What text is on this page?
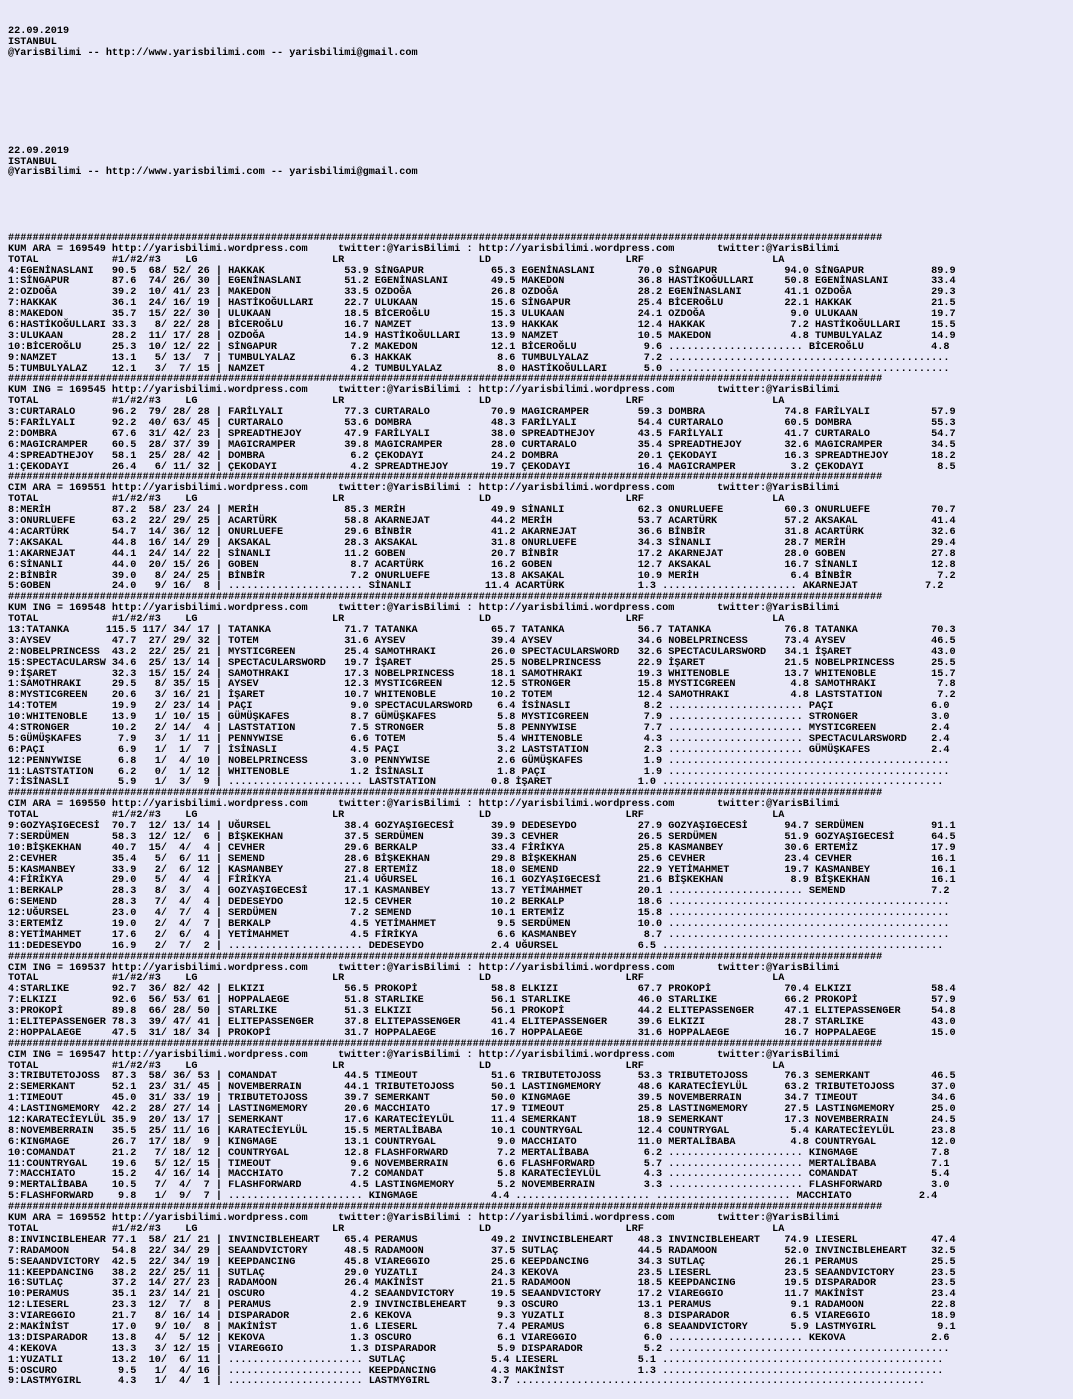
22.09.2019
ISTANBUL
@YarisBilimi -- http://www.yarisbilimi.com -- yarisbilimi@gmail.com

22.09.2019
ISTANBUL
@YarisBilimi -- http://www.yarisbilimi.com -- yarisbilimi@gmail.com

###############################################################################################################################################
KUM ARA = 169549 http://yarisbilimi.wordpress.com     twitter:@YarisBilimi : http://yarisbilimi.wordpress.com       twitter:@YarisBilimi
TOTAL            #1/#2/#3    LG                      LR                      LD                      LRF                     LA
4:EGENİNASLANI   90.5  68/ 52/ 26 | HAKKAK             53.9 SİNGAPUR           65.3 EGENİNASLANI       70.0 SİNGAPUR           94.0 SİNGAPUR           89.9
1:SİNGAPUR       87.6  74/ 26/ 30 | EGENİNASLANI       51.2 EGENİNASLANI       49.5 MAKEDON            36.8 HASTİKOĞULLARI     50.8 EGENİNASLANI       33.4
2:OZDOĞA         39.2  10/ 41/ 23 | MAKEDON            33.5 OZDOĞA             26.8 OZDOĞA             28.2 EGENİNASLANI       41.1 OZDOĞA             29.3
7:HAKKAK         36.1  24/ 16/ 19 | HASTİKOĞULLARI     22.7 ULUKAAN            15.6 SİNGAPUR           25.4 BİCEROĞLU          22.1 HAKKAK             21.5
8:MAKEDON        35.7  15/ 22/ 30 | ULUKAAN            18.5 BİCEROĞLU          15.3 ULUKAAN            24.1 OZDOĞA              9.0 ULUKAAN            19.7
6:HASTİKOĞULLARI 33.3   8/ 22/ 28 | BİCEROĞLU          16.7 NAMZET             13.9 HAKKAK             12.4 HAKKAK              7.2 HASTİKOĞULLARI     15.5
3:ULUKAAN        28.2  11/ 17/ 28 | OZDOĞA             14.9 HASTİKOĞULLARI     13.9 NAMZET             10.5 MAKEDON             4.8 TUMBULYALAZ        14.9
10:BİCEROĞLU     25.3  10/ 12/ 22 | SİNGAPUR            7.2 MAKEDON            12.1 BİCEROĞLU           9.6 ...................... BİCEROĞLU           4.8
9:NAMZET         13.1   5/ 13/  7 | TUMBULYALAZ         6.3 HAKKAK              8.6 TUMBULYALAZ         7.2 ..............................................
5:TUMBULYALAZ    12.1   3/  7/ 15 | NAMZET              4.2 TUMBULYALAZ         8.0 HASTİKOĞULLARI      5.0 ..............................................
###############################################################################################################################################
KUM ING = 169545 http://yarisbilimi.wordpress.com     twitter:@YarisBilimi : http://yarisbilimi.wordpress.com       twitter:@YarisBilimi
TOTAL            #1/#2/#3    LG                      LR                      LD                      LRF                     LA
3:CURTARALO      96.2  79/ 28/ 28 | FARİLYALI          77.3 CURTARALO          70.9 MAGICRAMPER        59.3 DOMBRA             74.8 FARİLYALI          57.9
5:FARİLYALI      92.2  40/ 63/ 45 | CURTARALO          53.6 DOMBRA             48.3 FARİLYALI          54.4 CURTARALO          60.5 DOMBRA             55.3
2:DOMBRA         67.6  31/ 42/ 23 | SPREADTHEJOY       47.9 FARİLYALI          38.0 SPREADTHEJOY       43.5 FARİLYALI          41.7 CURTARALO          54.7
6:MAGICRAMPER    60.5  28/ 37/ 39 | MAGICRAMPER        39.8 MAGICRAMPER        28.0 CURTARALO          35.4 SPREADTHEJOY       32.6 MAGICRAMPER        34.5
4:SPREADTHEJOY   58.1  25/ 28/ 42 | DOMBRA              6.2 ÇEKODAYI           24.2 DOMBRA             20.1 ÇEKODAYI           16.3 SPREADTHEJOY       18.2
1:ÇEKODAYI       26.4   6/ 11/ 32 | ÇEKODAYI            4.2 SPREADTHEJOY       19.7 ÇEKODAYI           16.4 MAGICRAMPER         3.2 ÇEKODAYI            8.5
###############################################################################################################################################
CIM ARA = 169551 http://yarisbilimi.wordpress.com     twitter:@YarisBilimi : http://yarisbilimi.wordpress.com       twitter:@YarisBilimi
TOTAL            #1/#2/#3    LG                      LR                      LD                      LRF                     LA
8:MERİH          87.2  58/ 23/ 24 | MERİH              85.3 MERİH              49.9 SİNANLI            62.3 ONURLUEFE          60.3 ONURLUEFE          70.7
3:ONURLUEFE      63.2  22/ 29/ 25 | ACARTÜRK           58.8 AKARNEJAT          44.2 MERİH              53.7 ACARTÜRK           57.2 AKSAKAL            41.4
4:ACARTÜRK       54.7  14/ 36/ 12 | ONURLUEFE          29.6 BİNBİR             41.2 AKARNEJAT          36.6 BİNBİR             31.8 ACARTÜRK           32.6
7:AKSAKAL        44.8  16/ 14/ 29 | AKSAKAL            28.3 AKSAKAL            31.8 ONURLUEFE          34.3 SİNANLI            28.7 MERİH              29.4
1:AKARNEJAT      44.1  24/ 14/ 22 | SİNANLI            11.2 GOBEN              20.7 BİNBİR             17.2 AKARNEJAT          28.0 GOBEN              27.8
6:SİNANLI        44.0  20/ 15/ 26 | GOBEN               8.7 ACARTÜRK           16.2 GOBEN              12.7 AKSAKAL            16.7 SİNANLI            12.8
2:BİNBİR         39.0   8/ 24/ 25 | BİNBİR              7.2 ONURLUEFE          13.8 AKSAKAL            10.9 MERİH               6.4 BİNBİR              7.2
5:GOBEN          24.0   9/ 16/  8 | ...................... SİNANLI            11.4 ACARTÜRK            1.3 ...................... AKARNEJAT           7.2
###############################################################################################################################################
KUM ING = 169548 http://yarisbilimi.wordpress.com     twitter:@YarisBilimi : http://yarisbilimi.wordpress.com       twitter:@YarisBilimi
TOTAL            #1/#2/#3    LG                      LR                      LD                      LRF                     LA
13:TATANKA      115.5 117/ 34/ 17 | TATANKA            71.7 TATANKA            65.7 TATANKA            56.7 TATANKA            76.8 TATANKA            70.3
3:AYSEV          47.7  27/ 29/ 32 | TOTEM              31.6 AYSEV              39.4 AYSEV              34.6 NOBELPRINCESS      73.4 AYSEV              46.5
2:NOBELPRINCESS  43.2  22/ 25/ 21 | MYSTICGREEN        25.4 SAMOTHRAKI         26.0 SPECTACULARSWORD   32.6 SPECTACULARSWORD   34.1 İŞARET             43.0
15:SPECTACULARSW 34.6  25/ 13/ 14 | SPECTACULARSWORD   19.7 İŞARET             25.5 NOBELPRINCESS      22.9 İŞARET             21.5 NOBELPRINCESS      25.5
9:İŞARET         32.3  15/ 15/ 24 | SAMOTHRAKI         17.3 NOBELPRINCESS      18.1 SAMOTHRAKI         19.3 WHITENOBLE         13.7 WHITENOBLE         15.7
1:SAMOTHRAKI     29.5   8/ 35/ 15 | AYSEV              12.3 MYSTICGREEN        12.5 STRONGER           15.8 MYSTICGREEN         4.8 SAMOTHRAKI          7.8
8:MYSTICGREEN    20.6   3/ 16/ 21 | İŞARET             10.7 WHITENOBLE         10.2 TOTEM              12.4 SAMOTHRAKI          4.8 LASTSTATION         7.2
14:TOTEM         19.9   2/ 23/ 14 | PAÇI                9.0 SPECTACULARSWORD    6.4 İSİNASLI            8.2 ...................... PAÇI                6.0
10:WHITENOBLE    13.9   1/ 10/ 15 | GÜMÜŞKAFES          8.7 GÜMÜŞKAFES          5.8 MYSTICGREEN         7.9 ...................... STRONGER            3.0
4:STRONGER       10.2   2/ 14/  4 | LASTSTATION         7.5 STRONGER            5.8 PENNYWISE           7.7 ...................... MYSTICGREEN         2.4
5:GÜMÜŞKAFES      7.9   3/  1/ 11 | PENNYWISE           6.6 TOTEM               5.4 WHITENOBLE          4.3 ...................... SPECTACULARSWORD    2.4
6:PAÇI            6.9   1/  1/  7 | İSİNASLI            4.5 PAÇI                3.2 LASTSTATION         2.3 ...................... GÜMÜŞKAFES          2.4
12:PENNYWISE      6.8   1/  4/ 10 | NOBELPRINCESS       3.0 PENNYWISE           2.6 GÜMÜŞKAFES          1.9 ..............................................
11:LASTSTATION    6.2   0/  1/ 12 | WHITENOBLE          1.2 İSİNASLI            1.8 PAÇI                1.9 ..............................................
7:İSİNASLI        5.9   1/  3/  9 | ...................... LASTSTATION         0.8 İŞARET              1.0 ..............................................
###############################################################################################################################################
CIM ARA = 169550 http://yarisbilimi.wordpress.com     twitter:@YarisBilimi : http://yarisbilimi.wordpress.com       twitter:@YarisBilimi
TOTAL            #1/#2/#3    LG                      LR                      LD                      LRF                     LA
9:GOZYAŞIGECESİ  70.7  12/ 13/ 14 | UĞURSEL            38.4 GOZYAŞIGECESİ      39.9 DEDESEYDO          27.9 GOZYAŞIGECESİ      94.7 SERDÜMEN           91.1
7:SERDÜMEN       58.3  12/ 12/  6 | BİŞKEKHAN          37.5 SERDÜMEN           39.3 CEVHER             26.5 SERDÜMEN           51.9 GOZYAŞIGECESİ      64.5
10:BİŞKEKHAN     40.7  15/  4/  4 | CEVHER             29.6 BERKALP            33.4 FİRİKYA            25.8 KASMANBEY          30.6 ERTEMİZ            17.9
2:CEVHER         35.4   5/  6/ 11 | SEMEND             28.6 BİŞKEKHAN          29.8 BİŞKEKHAN          25.6 CEVHER             23.4 CEVHER             16.1
5:KASMANBEY      33.9   2/  6/ 12 | KASMANBEY          27.8 ERTEMİZ            18.0 SEMEND             22.9 YETİMAHMET         19.7 KASMANBEY          16.1
4:FİRİKYA        29.0   5/  4/  4 | FİRİKYA            21.4 UĞURSEL            16.1 GOZYAŞIGECESİ      21.6 BİŞKEKHAN           8.9 BİŞKEKHAN          16.1
1:BERKALP        28.3   8/  3/  4 | GOZYAŞIGECESİ      17.1 KASMANBEY          13.7 YETİMAHMET         20.1 ...................... SEMEND              7.2
6:SEMEND         28.3   7/  4/  4 | DEDESEYDO          12.5 CEVHER             10.2 BERKALP            18.6 ..............................................
12:UĞURSEL       23.0   4/  7/  4 | SERDÜMEN            7.2 SEMEND             10.1 ERTEMİZ            15.8 ..............................................
3:ERTEMİZ        19.0   2/  4/  7 | BERKALP             4.5 YETİMAHMET          9.5 SERDÜMEN           10.0 ..............................................
8:YETİMAHMET     17.6   2/  6/  4 | YETİMAHMET          4.5 FİRİKYA             6.6 KASMANBEY           8.7 ..............................................
11:DEDESEYDO     16.9   2/  7/  2 | ...................... DEDESEYDO           2.4 UĞURSEL             6.5 ..............................................
###############################################################################################################################################
CIM ING = 169537 http://yarisbilimi.wordpress.com     twitter:@YarisBilimi : http://yarisbilimi.wordpress.com       twitter:@YarisBilimi
TOTAL            #1/#2/#3    LG                      LR                      LD                      LRF                     LA
4:STARLIKE       92.7  36/ 82/ 42 | ELKIZI             56.5 PROKOPİ            58.8 ELKIZI             67.7 PROKOPİ            70.4 ELKIZI             58.4
7:ELKIZI         92.6  56/ 53/ 61 | HOPPALAEGE         51.8 STARLIKE           56.1 STARLIKE           46.0 STARLIKE           66.2 PROKOPİ            57.9
3:PROKOPİ        89.8  66/ 28/ 50 | STARLIKE           51.3 ELKIZI             56.1 PROKOPİ            44.2 ELITEPASSENGER     47.1 ELITEPASSENGER     54.8
1:ELITEPASSENGER 78.3  39/ 47/ 41 | ELITEPASSENGER     37.8 ELITEPASSENGER     41.4 ELITEPASSENGER     39.6 ELKIZI             28.7 STARLIKE           43.0
2:HOPPALAEGE     47.5  31/ 18/ 34 | PROKOPİ            31.7 HOPPALAEGE         16.7 HOPPALAEGE         31.6 HOPPALAEGE         16.7 HOPPALAEGE         15.0
###############################################################################################################################################
CIM ING = 169547 http://yarisbilimi.wordpress.com     twitter:@YarisBilimi : http://yarisbilimi.wordpress.com       twitter:@YarisBilimi
TOTAL            #1/#2/#3    LG                      LR                      LD                      LRF                     LA
3:TRIBUTETOJOSS  87.3  58/ 36/ 53 | COMANDAT           44.5 TIMEOUT            51.6 TRIBUTETOJOSS      53.3 TRIBUTETOJOSS      76.3 SEMERKANT          46.5
2:SEMERKANT      52.1  23/ 31/ 45 | NOVEMBERRAIN       44.1 TRIBUTETOJOSS      50.1 LASTINGMEMORY      48.6 KARATECİEYLÜL      63.2 TRIBUTETOJOSS      37.0
1:TIMEOUT        45.0  31/ 33/ 19 | TRIBUTETOJOSS      39.7 SEMERKANT          50.0 KINGMAGE           39.5 NOVEMBERRAIN       34.7 TIMEOUT            34.6
4:LASTINGMEMORY  42.2  28/ 27/ 14 | LASTINGMEMORY      20.6 MACCHIATO          17.9 TIMEOUT            25.8 LASTINGMEMORY      27.5 LASTINGMEMORY      25.0
12:KARATECİEYLÜL 35.9  20/ 13/ 17 | SEMERKANT          17.6 KARATECİEYLÜL      11.4 SEMERKANT          18.9 SEMERKANT          17.3 NOVEMBERRAIN       24.5
8:NOVEMBERRAIN   35.5  25/ 11/ 16 | KARATECİEYLÜL      15.5 MERTALİBABA        10.1 COUNTRYGAL         12.4 COUNTRYGAL          5.4 KARATECİEYLÜL      23.8
6:KINGMAGE       26.7  17/ 18/  9 | KINGMAGE           13.1 COUNTRYGAL          9.0 MACCHIATO          11.0 MERTALİBABA         4.8 COUNTRYGAL         12.0
10:COMANDAT      21.2   7/ 18/ 12 | COUNTRYGAL         12.8 FLASHFORWARD        7.2 MERTALİBABA         6.2 ...................... KINGMAGE            7.8
11:COUNTRYGAL    19.6   5/ 12/ 15 | TIMEOUT             9.6 NOVEMBERRAIN        6.6 FLASHFORWARD        5.7 ...................... MERTALİBABA         7.1
7:MACCHIATO      15.2   4/ 16/ 14 | MACCHIATO           7.2 COMANDAT            5.8 KARATECİEYLÜL       4.3 ...................... COMANDAT            5.4
9:MERTALİBABA    10.5   7/  4/  7 | FLASHFORWARD        4.5 LASTINGMEMORY       5.2 NOVEMBERRAIN        3.3 ...................... FLASHFORWARD        3.0
5:FLASHFORWARD    9.8   1/  9/  7 | ...................... KINGMAGE            4.4 ...................... ...................... MACCHIATO           2.4
###############################################################################################################################################
KUM ARA = 169552 http://yarisbilimi.wordpress.com     twitter:@YarisBilimi : http://yarisbilimi.wordpress.com       twitter:@YarisBilimi
TOTAL            #1/#2/#3    LG                      LR                      LD                      LRF                     LA
8:INVINCIBLEHEAR 77.1  58/ 21/ 21 | INVINCIBLEHEART    65.4 PERAMUS            49.2 INVINCIBLEHEART    48.3 INVINCIBLEHEART    74.9 LIESERL            47.4
7:RADAMOON       54.8  22/ 34/ 29 | SEAANDVICTORY      48.5 RADAMOON           37.5 SUTLAÇ             44.5 RADAMOON           52.0 INVINCIBLEHEART    32.5
5:SEAANDVICTORY  42.5  22/ 34/ 19 | KEEPDANCING        45.8 VIAREGGIO          25.6 KEEPDANCING        34.3 SUTLAÇ             26.1 PERAMUS            25.5
11:KEEPDANCING   38.2  22/ 25/ 11 | SUTLAÇ             29.0 YUZATLI            24.3 KEKOVA             23.5 LIESERL            23.5 SEAANDVICTORY      23.5
16:SUTLAÇ        37.2  14/ 27/ 23 | RADAMOON           26.4 MAKİNİST           21.5 RADAMOON           18.5 KEEPDANCING        19.5 DISPARADOR         23.5
10:PERAMUS       35.1  23/ 14/ 21 | OSCURO              4.2 SEAANDVICTORY      19.5 SEAANDVICTORY      17.2 VIAREGGIO          11.7 MAKİNİST           23.4
12:LIESERL       23.3  12/  7/  8 | PERAMUS             2.9 INVINCIBLEHEART     9.3 OSCURO             13.1 PERAMUS             9.1 RADAMOON           22.8
3:VIAREGGIO      21.7   8/ 16/ 14 | DISPARADOR          2.6 KEKOVA              9.3 YUZATLI             8.3 DISPARADOR          6.5 VIAREGGIO          18.9
2:MAKİNİST       17.0   9/ 10/  8 | MAKİNİST            1.6 LIESERL             7.4 PERAMUS             6.8 SEAANDVICTORY       5.9 LASTMYGIRL          9.1
13:DISPARADOR    13.8   4/  5/ 12 | KEKOVA              1.3 OSCURO              6.1 VIAREGGIO           6.0 ...................... KEKOVA              2.6
4:KEKOVA         13.3   3/ 12/ 15 | VIAREGGIO           1.3 DISPARADOR          5.9 DISPARADOR          5.2 ..............................................
1:YUZATLI        13.2  10/  6/ 11 | ...................... SUTLAÇ              5.4 LIESERL             5.1 ..............................................
5:OSCURO          9.5   1/  4/ 16 | ...................... KEEPDANCING         4.3 MAKİNİST            1.3 ..............................................
9:LASTMYGIRL      4.3   1/  4/  1 | ...................... LASTMYGIRL          3.7 ...................................................................
